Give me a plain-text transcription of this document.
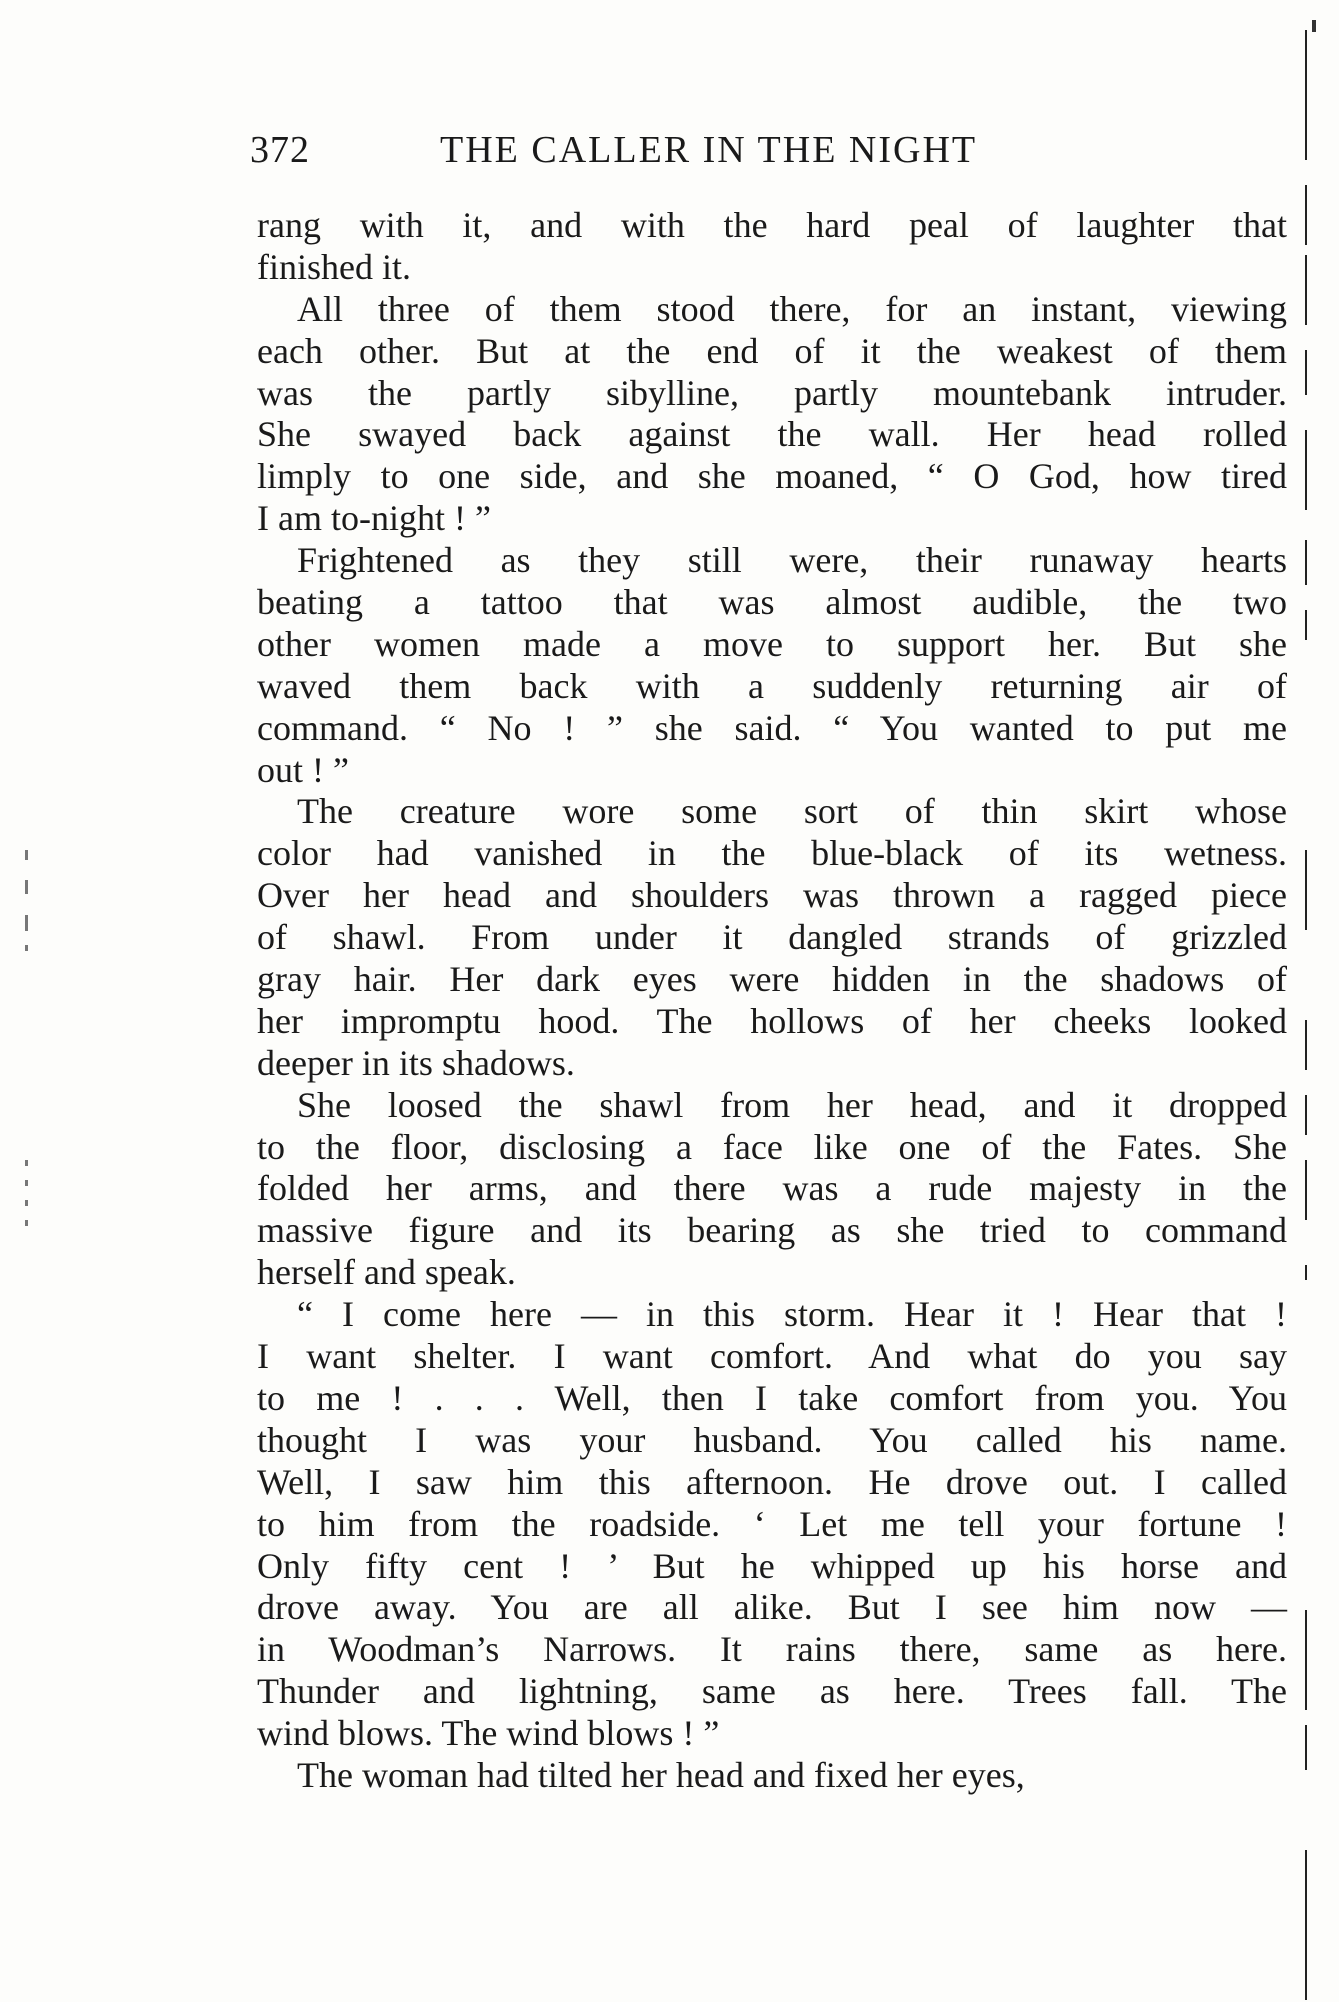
372	THE CALLER IN THE NIGHT
rang with it, and with the hard peal of laughter that
finished it.
All three of them stood there, for an instant, viewing
each other. But at the end of it the weakest of them
was the partly sibylline, partly mountebank intruder.
She swayed back against the wall. Her head rolled
limply to one side, and she moaned, “ O God, how tired
I am to-night ! ”
Frightened as they still were, their runaway hearts
beating a tattoo that was almost audible, the two
other women made a move to support her. But she
waved them back with a suddenly returning air of
command. “ No ! ” she said. “ You wanted to put me
out ! ”
The creature wore some sort of thin skirt whose
color had vanished in the blue-black of its wetness.
Over her head and shoulders was thrown a ragged piece
of shawl. From under it dangled strands of grizzled
gray hair. Her dark eyes were hidden in the shadows of
her impromptu hood. The hollows of her cheeks looked
deeper in its shadows.
She loosed the shawl from her head, and it dropped
to the floor, disclosing a face like one of the Fates. She
folded her arms, and there was a rude majesty in the
massive figure and its bearing as she tried to command
herself and speak.
“ I come here — in this storm. Hear it ! Hear that !
I want shelter. I want comfort. And what do you say
to me ! . . . Well, then I take comfort from you. You
thought I was your husband. You called his name.
Well, I saw him this afternoon. He drove out. I called
to him from the roadside. ‘ Let me tell your fortune !
Only fifty cent ! ’ But he whipped up his horse and
drove away. You are all alike. But I see him now —
in Woodman’s Narrows. It rains there, same as here.
Thunder and lightning, same as here. Trees fall. The
wind blows. The wind blows ! ”
The woman had tilted her head and fixed her eyes,
